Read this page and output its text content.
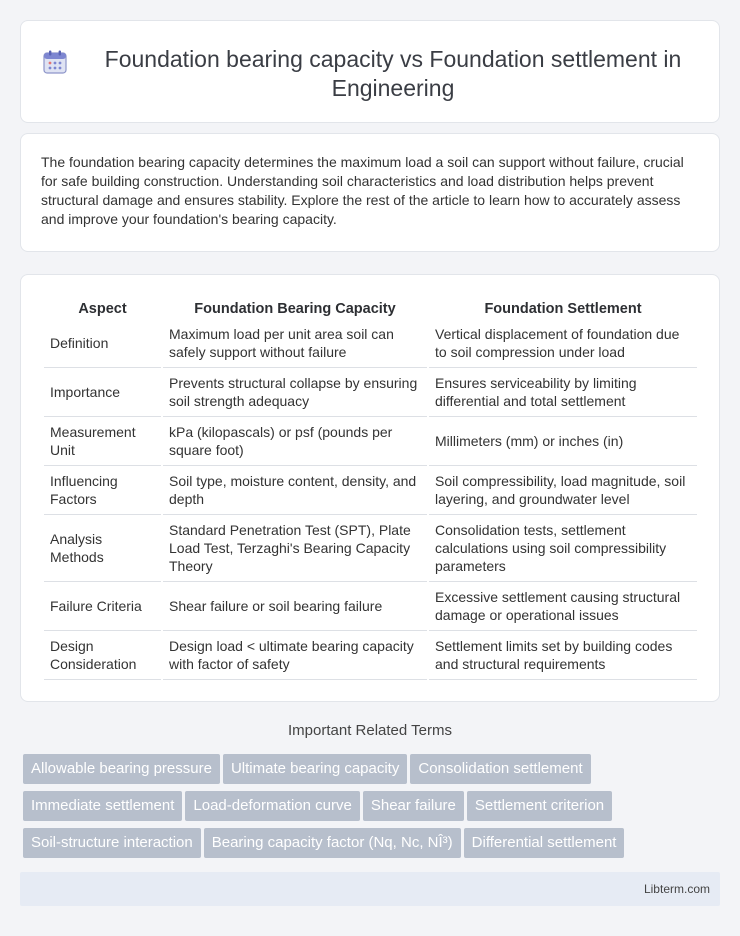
Foundation bearing capacity vs Foundation settlement in Engineering

The foundation bearing capacity determines the maximum load a soil can support without failure, crucial for safe building construction. Understanding soil characteristics and load distribution helps prevent structural damage and ensures stability. Explore the rest of the article to learn how to accurately assess and improve your foundation's bearing capacity.

Aspect	Foundation Bearing Capacity	Foundation Settlement
Definition	Maximum load per unit area soil can safely support without failure	Vertical displacement of foundation due to soil compression under load
Importance	Prevents structural collapse by ensuring soil strength adequacy	Ensures serviceability by limiting differential and total settlement
Measurement Unit	kPa (kilopascals) or psf (pounds per square foot)	Millimeters (mm) or inches (in)
Influencing Factors	Soil type, moisture content, density, and depth	Soil compressibility, load magnitude, soil layering, and groundwater level
Analysis Methods	Standard Penetration Test (SPT), Plate Load Test, Terzaghi's Bearing Capacity Theory	Consolidation tests, settlement calculations using soil compressibility parameters
Failure Criteria	Shear failure or soil bearing failure	Excessive settlement causing structural damage or operational issues
Design Consideration	Design load < ultimate bearing capacity with factor of safety	Settlement limits set by building codes and structural requirements
Important Related Terms
Allowable bearing pressure Ultimate bearing capacity Consolidation settlement
Immediate settlement Load-deformation curve Shear failure Settlement criterion
Soil-structure interaction Bearing capacity factor (Nq, Nc, NÎ³) Differential settlement
Libterm.com
